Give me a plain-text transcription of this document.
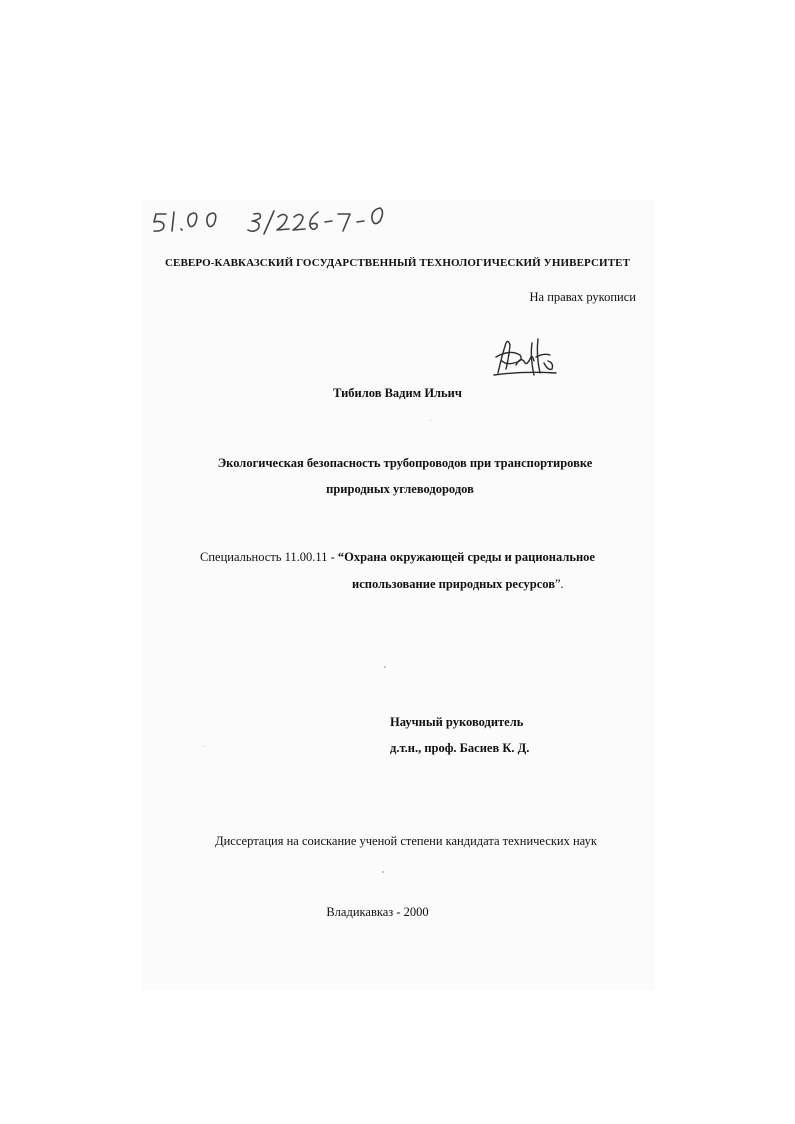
СЕВЕРО-КАВКАЗСКИЙ ГОСУДАРСТВЕННЫЙ ТЕХНОЛОГИЧЕСКИЙ УНИВЕРСИТЕТ
На правах рукописи
Тибилов Вадим Ильич
Экологическая безопасность трубопроводов при транспортировке
природных углеводородов
Специальность 11.00.11 - “Охрана окружающей среды и рациональное
использование природных ресурсов”.
Научный руководитель
д.т.н., проф. Басиев К. Д.
Диссертация на соискание ученой степени кандидата технических наук
Владикавказ - 2000
